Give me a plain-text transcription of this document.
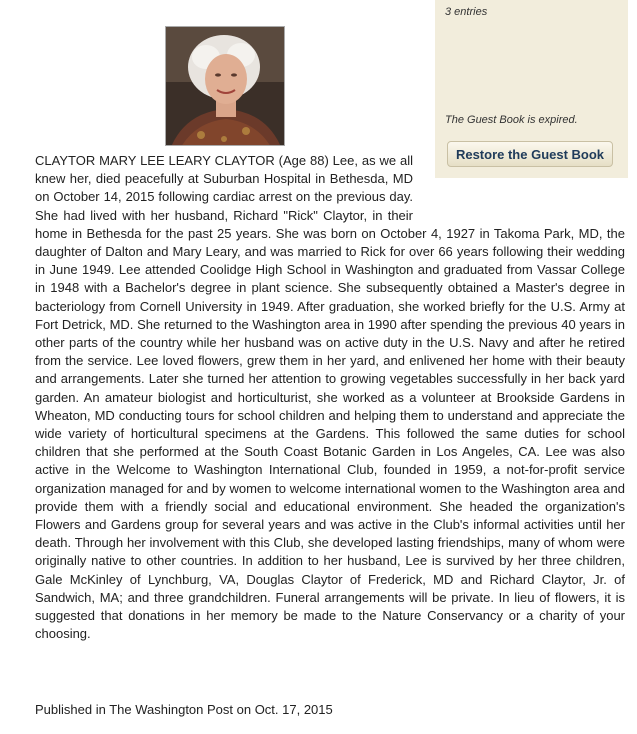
3 entries
The Guest Book is expired.
Restore the Guest Book
CLAYTOR MARY LEE LEARY CLAYTOR (Age 88) Lee, as we all knew her, died peacefully at Suburban Hospital in Bethesda, MD on October 14, 2015 following cardiac arrest on the previous day. She had lived with her husband, Richard "Rick" Claytor, in their home in Bethesda for the past 25 years. She was born on October 4, 1927 in Takoma Park, MD, the daughter of Dalton and Mary Leary, and was married to Rick for over 66 years following their wedding in June 1949. Lee attended Coolidge High School in Washington and graduated from Vassar College in 1948 with a Bachelor's degree in plant science. She subsequently obtained a Master's degree in bacteriology from Cornell University in 1949. After graduation, she worked briefly for the U.S. Army at Fort Detrick, MD. She returned to the Washington area in 1990 after spending the previous 40 years in other parts of the country while her husband was on active duty in the U.S. Navy and after he retired from the service. Lee loved flowers, grew them in her yard, and enlivened her home with their beauty and arrangements. Later she turned her attention to growing vegetables successfully in her back yard garden. An amateur biologist and horticulturist, she worked as a volunteer at Brookside Gardens in Wheaton, MD conducting tours for school children and helping them to understand and appreciate the wide variety of horticultural specimens at the Gardens. This followed the same duties for school children that she performed at the South Coast Botanic Garden in Los Angeles, CA. Lee was also active in the Welcome to Washington International Club, founded in 1959, a not-for-profit service organization managed for and by women to welcome international women to the Washington area and provide them with a friendly social and educational environment. She headed the organization's Flowers and Gardens group for several years and was active in the Club's informal activities until her death. Through her involvement with this Club, she developed lasting friendships, many of whom were originally native to other countries. In addition to her husband, Lee is survived by her three children, Gale McKinley of Lynchburg, VA, Douglas Claytor of Frederick, MD and Richard Claytor, Jr. of Sandwich, MA; and three grandchildren. Funeral arrangements will be private. In lieu of flowers, it is suggested that donations in her memory be made to the Nature Conservancy or a charity of your choosing.
Published in The Washington Post on Oct. 17, 2015
